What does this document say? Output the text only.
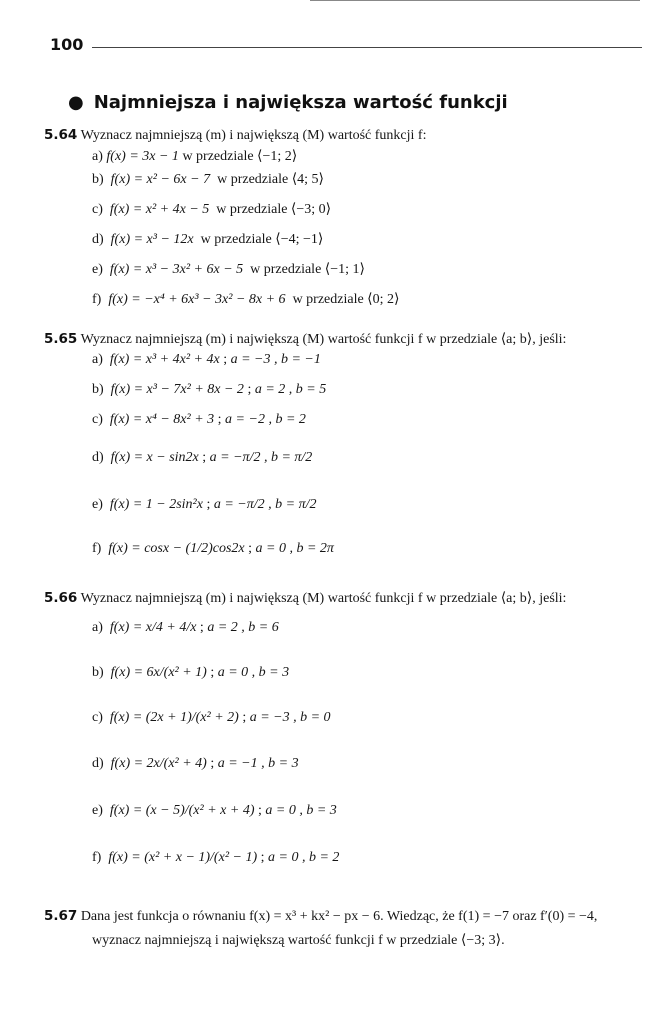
100
● Najmniejsza i największa wartość funkcji
5.64 Wyznacz najmniejszą (m) i największą (M) wartość funkcji f:
a) f(x) = 3x − 1 w przedziale ⟨−1; 2⟩
b) f(x) = x² − 6x − 7 w przedziale ⟨4; 5⟩
c) f(x) = x² + 4x − 5 w przedziale ⟨−3; 0⟩
d) f(x) = x³ − 12x w przedziale ⟨−4; −1⟩
e) f(x) = x³ − 3x² + 6x − 5 w przedziale ⟨−1; 1⟩
f) f(x) = −x⁴ + 6x³ − 3x² − 8x + 6 w przedziale ⟨0; 2⟩
5.65 Wyznacz najmniejszą (m) i największą (M) wartość funkcji f w przedziale ⟨a; b⟩, jeśli:
a) f(x) = x³ + 4x² + 4x ; a = −3 , b = −1
b) f(x) = x³ − 7x² + 8x − 2 ; a = 2 , b = 5
c) f(x) = x⁴ − 8x² + 3 ; a = −2 , b = 2
d) f(x) = x − sin2x ; a = −π/2 , b = π/2
e) f(x) = 1 − 2sin²x ; a = −π/2 , b = π/2
f) f(x) = cosx − (1/2)cos2x ; a = 0 , b = 2π
5.66 Wyznacz najmniejszą (m) i największą (M) wartość funkcji f w przedziale ⟨a; b⟩, jeśli:
a) f(x) = x/4 + 4/x ; a = 2 , b = 6
b) f(x) = 6x/(x² + 1) ; a = 0 , b = 3
c) f(x) = (2x + 1)/(x² + 2) ; a = −3 , b = 0
d) f(x) = 2x/(x² + 4) ; a = −1 , b = 3
e) f(x) = (x − 5)/(x² + x + 4) ; a = 0 , b = 3
f) f(x) = (x² + x − 1)/(x² − 1) ; a = 0 , b = 2
5.67 Dana jest funkcja o równaniu f(x) = x³ + kx² − px − 6. Wiedząc, że f(1) = −7 oraz f′(0) = −4,
wyznacz najmniejszą i największą wartość funkcji f w przedziale ⟨−3; 3⟩.
